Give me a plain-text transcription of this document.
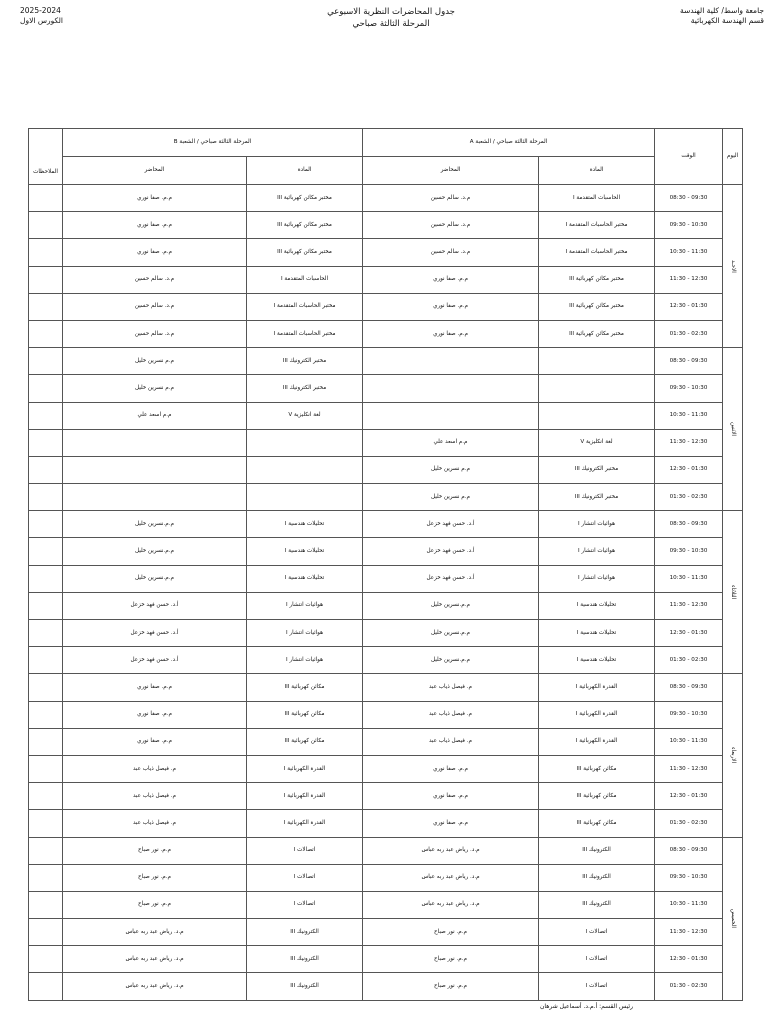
جامعة واسط/ كلية الهندسة
قسم الهندسة الكهربائية
جدول المحاضرات النظرية الاسبوعي
المرحلة الثالثة صباحي
2025-2024
الكورس الاول
اليوم	الوقت	المرحلة الثالثة صباحي / الشعبة A		المرحلة الثالثة صباحي / الشعبة B		الملاحظات
		المادة	المحاضر	المادة	المحاضر	
الاحـد	08:30 - 09:30	الحاسبات المتقدمة I	م.د. سالم حسين	مختبر مكائن كهربائية III	م.م. صفا نوري	
	09:30 - 10:30	مختبر الحاسبات المتقدمة I	م.د. سالم حسين	مختبر مكائن كهربائية III	م.م. صفا نوري	
	10:30 - 11:30	مختبر الحاسبات المتقدمة I	م.د. سالم حسين	مختبر مكائن كهربائية III	م.م. صفا نوري	
	11:30 - 12:30	مختبر مكائن كهربائية III	م.م. صفا نوري	الحاسبات المتقدمة I	م.د. سالم حسين	
	12:30 - 01:30	مختبر مكائن كهربائية III	م.م. صفا نوري	مختبر الحاسبات المتقدمة I	م.د. سالم حسين	
	01:30 - 02:30	مختبر مكائن كهربائية III	م.م. صفا نوري	مختبر الحاسبات المتقدمة I	م.د. سالم حسين	
الاثنين	08:30 - 09:30			مختبر الكترونيك III	م.م نسرين خليل	
	09:30 - 10:30			مختبر الكترونيك III	م.م نسرين خليل	
	10:30 - 11:30			لغة انكليزية V	م.م اسعد علي	
	11:30 - 12:30	لغة انكليزية V	م.م اسعد علي			
	12:30 - 01:30	مختبر الكترونيك III	م.م نسرين خليل			
	01:30 - 02:30	مختبر الكترونيك III	م.م نسرين خليل			
الثلاثاء	08:30 - 09:30	هوائيات انتشار I	أ.د. حسن فهد خزعل	تحليلات هندسية I	م.م.نسرين خليل	
	09:30 - 10:30	هوائيات انتشار I	أ.د. حسن فهد خزعل	تحليلات هندسية I	م.م.نسرين خليل	
	10:30 - 11:30	هوائيات انتشار I	أ.د. حسن فهد خزعل	تحليلات هندسية I	م.م.نسرين خليل	
	11:30 - 12:30	تحليلات هندسية I	م.م.نسرين خليل	هوائيات انتشار I	أ.د. حسن فهد خزعل	
	12:30 - 01:30	تحليلات هندسية I	م.م.نسرين خليل	هوائيات انتشار I	أ.د. حسن فهد خزعل	
	01:30 - 02:30	تحليلات هندسية I	م.م.نسرين خليل	هوائيات انتشار I	أ.د. حسن فهد خزعل	
الاربعاء	08:30 - 09:30	القدرة الكهربائية I	م. فيصل ذياب عبد	مكائن كهربائية III	م.م. صفا نوري	
	09:30 - 10:30	القدرة الكهربائية I	م. فيصل ذياب عبد	مكائن كهربائية III	م.م. صفا نوري	
	10:30 - 11:30	القدرة الكهربائية I	م. فيصل ذياب عبد	مكائن كهربائية III	م.م. صفا نوري	
	11:30 - 12:30	مكائن كهربائية III	م.م. صفا نوري	القدرة الكهربائية I	م. فيصل ذياب عبد	
	12:30 - 01:30	مكائن كهربائية III	م.م. صفا نوري	القدرة الكهربائية I	م. فيصل ذياب عبد	
	01:30 - 02:30	مكائن كهربائية III	م.م. صفا نوري	القدرة الكهربائية I	م. فيصل ذياب عبد	
الخميس	08:30 - 09:30	الكترونيك III	م.د. رياض عبد ربه عباس	اتصالات I	م.م. نور صباح	
	09:30 - 10:30	الكترونيك III	م.د. رياض عبد ربه عباس	اتصالات I	م.م. نور صباح	
	10:30 - 11:30	الكترونيك III	م.د. رياض عبد ربه عباس	اتصالات I	م.م. نور صباح	
	11:30 - 12:30	اتصالات I	م.م. نور صباح	الكترونيك III	م.د. رياض عبد ربه عباس	
	12:30 - 01:30	اتصالات I	م.م. نور صباح	الكترونيك III	م.د. رياض عبد ربه عباس	
	01:30 - 02:30	اتصالات I	م.م. نور صباح	الكترونيك III	م.د. رياض عبد ربه عباس	
رئيس القسم: أ.م.د. أسماعيل شرهان
